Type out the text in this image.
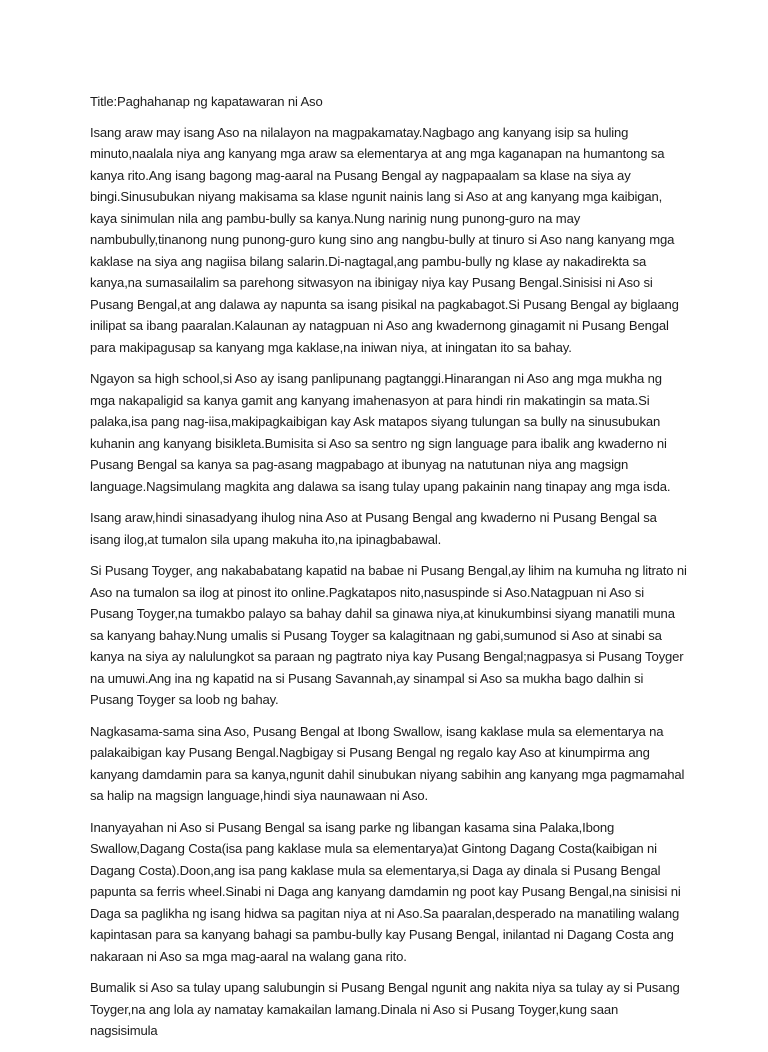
Title:Paghahanap ng kapatawaran ni Aso

Isang araw may isang Aso na nilalayon na magpakamatay.Nagbago ang kanyang isip sa huling minuto,naalala niya ang kanyang mga araw sa elementarya at ang mga kaganapan na humantong sa kanya rito.Ang isang bagong mag-aaral na Pusang Bengal ay nagpapaalam sa klase na siya ay bingi.Sinusubukan niyang makisama sa klase ngunit nainis lang si Aso at ang kanyang mga kaibigan, kaya sinimulan nila ang pambu-bully sa kanya.Nung narinig nung punong-guro na may nambubully,tinanong nung punong-guro kung sino ang nangbu-bully at tinuro si Aso nang kanyang mga kaklase na siya ang nagiisa bilang salarin.Di-nagtagal,ang pambu-bully ng klase ay nakadirekta sa kanya,na sumasailalim sa parehong sitwasyon na ibinigay niya kay Pusang Bengal.Sinisisi ni Aso si Pusang Bengal,at ang dalawa ay napunta sa isang pisikal na pagkabagot.Si Pusang Bengal ay biglaang inilipat sa ibang paaralan.Kalaunan ay natagpuan ni Aso ang kwadernong ginagamit ni Pusang Bengal para makipagusap sa kanyang mga kaklase,na iniwan niya, at iningatan ito sa bahay.

Ngayon sa high school,si Aso ay isang panlipunang pagtanggi.Hinarangan ni Aso ang mga mukha ng mga nakapaligid sa kanya gamit ang kanyang imahenasyon at para hindi rin makatingin sa mata.Si palaka,isa pang nag-iisa,makipagkaibigan kay Ask matapos siyang tulungan sa bully na sinusubukan kuhanin ang kanyang bisikleta.Bumisita si Aso sa sentro ng sign language para ibalik ang kwaderno ni Pusang Bengal sa kanya sa pag-asang magpabago at ibunyag na natutunan niya ang magsign language.Nagsimulang magkita ang dalawa sa isang tulay upang pakainin nang tinapay ang mga isda.

Isang araw,hindi sinasadyang ihulog nina Aso at Pusang Bengal ang kwaderno ni Pusang Bengal sa isang ilog,at tumalon sila upang makuha ito,na ipinagbabawal.

Si Pusang Toyger, ang nakababatang kapatid na babae ni Pusang Bengal,ay lihim na kumuha ng litrato ni Aso na tumalon sa ilog at pinost ito online.Pagkatapos nito,nasuspinde si Aso.Natagpuan ni Aso si Pusang Toyger,na tumakbo palayo sa bahay dahil sa ginawa niya,at kinukumbinsi siyang manatili muna sa kanyang bahay.Nung umalis si Pusang Toyger sa kalagitnaan ng gabi,sumunod si Aso at sinabi sa kanya na siya ay nalulungkot sa paraan ng pagtrato niya kay Pusang Bengal;nagpasya si Pusang Toyger na umuwi.Ang ina ng kapatid na si Pusang Savannah,ay sinampal si Aso sa mukha bago dalhin si Pusang Toyger sa loob ng bahay.

Nagkasama-sama sina Aso, Pusang Bengal at Ibong Swallow, isang kaklase mula sa elementarya na palakaibigan kay Pusang Bengal.Nagbigay si Pusang Bengal ng regalo kay Aso at kinumpirma ang kanyang damdamin para sa kanya,ngunit dahil sinubukan niyang sabihin ang kanyang mga pagmamahal sa halip na magsign language,hindi siya naunawaan ni Aso.

Inanyayahan ni Aso si Pusang Bengal sa isang parke ng libangan kasama sina Palaka,Ibong Swallow,Dagang Costa(isa pang kaklase mula sa elementarya)at Gintong Dagang Costa(kaibigan ni Dagang Costa).Doon,ang isa pang kaklase mula sa elementarya,si Daga ay dinala si Pusang Bengal papunta sa ferris wheel.Sinabi ni Daga ang kanyang damdamin ng poot kay Pusang Bengal,na sinisisi ni Daga sa paglikha ng isang hidwa sa pagitan niya at ni Aso.Sa paaralan,desperado na manatiling walang kapintasan para sa kanyang bahagi sa pambu-bully kay Pusang Bengal, inilantad ni Dagang Costa ang nakaraan ni Aso sa mga mag-aaral na walang gana rito.

Bumalik si Aso sa tulay upang salubungin si Pusang Bengal ngunit ang nakita niya sa tulay ay si Pusang Toyger,na ang lola ay namatay kamakailan lamang.Dinala ni Aso si Pusang Toyger,kung saan nagsisimula
